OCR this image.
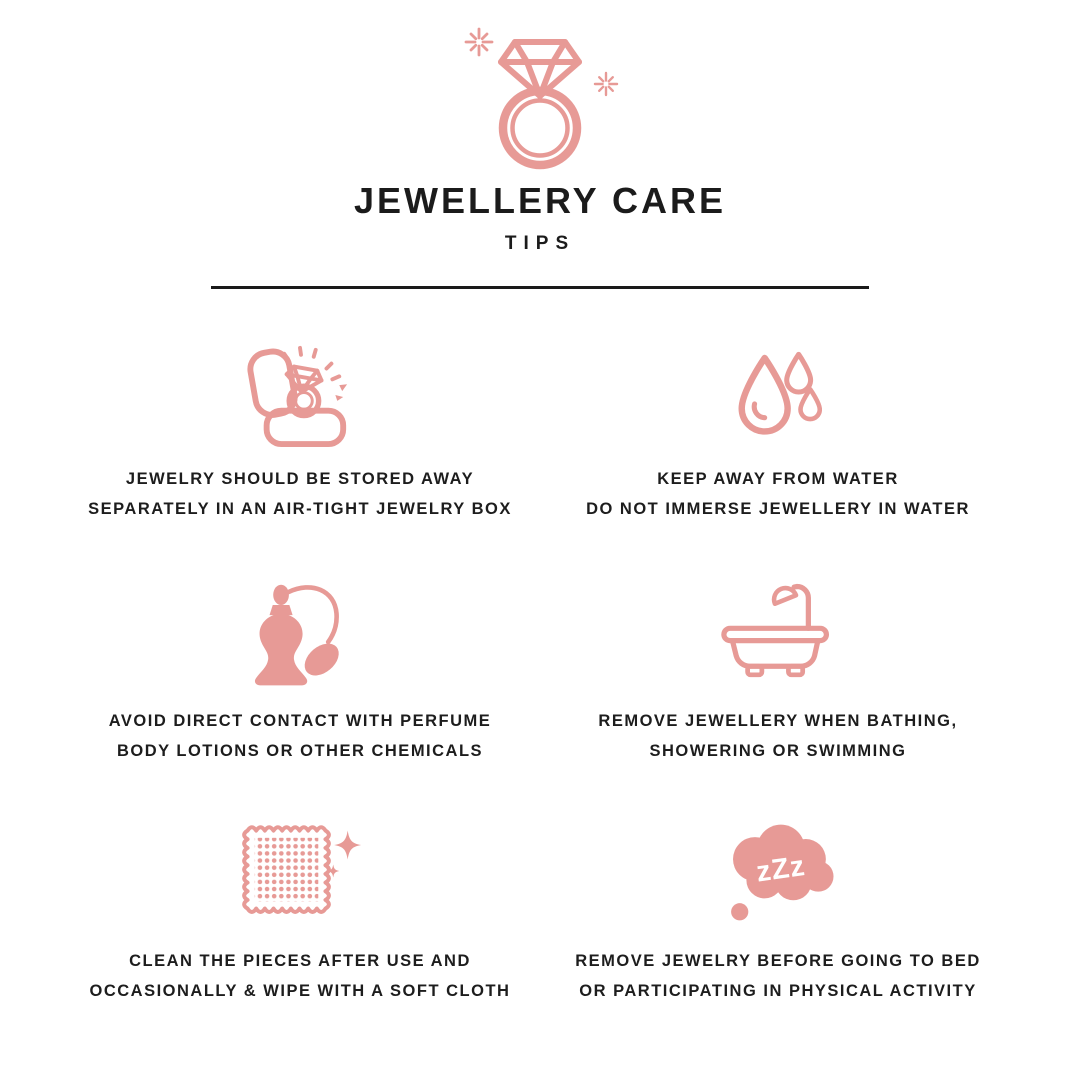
JEWELLERY CARE
TIPS
JEWELRY SHOULD BE STORED AWAY
SEPARATELY IN AN AIR-TIGHT JEWELRY BOX
KEEP AWAY FROM WATER
DO NOT IMMERSE JEWELLERY IN WATER
AVOID DIRECT CONTACT WITH PERFUME
BODY LOTIONS OR OTHER CHEMICALS
REMOVE JEWELLERY WHEN BATHING,
SHOWERING OR SWIMMING
CLEAN THE PIECES AFTER USE AND
OCCASIONALLY & WIPE WITH A SOFT CLOTH
zZz
REMOVE JEWELRY BEFORE GOING TO BED
OR PARTICIPATING IN PHYSICAL ACTIVITY
